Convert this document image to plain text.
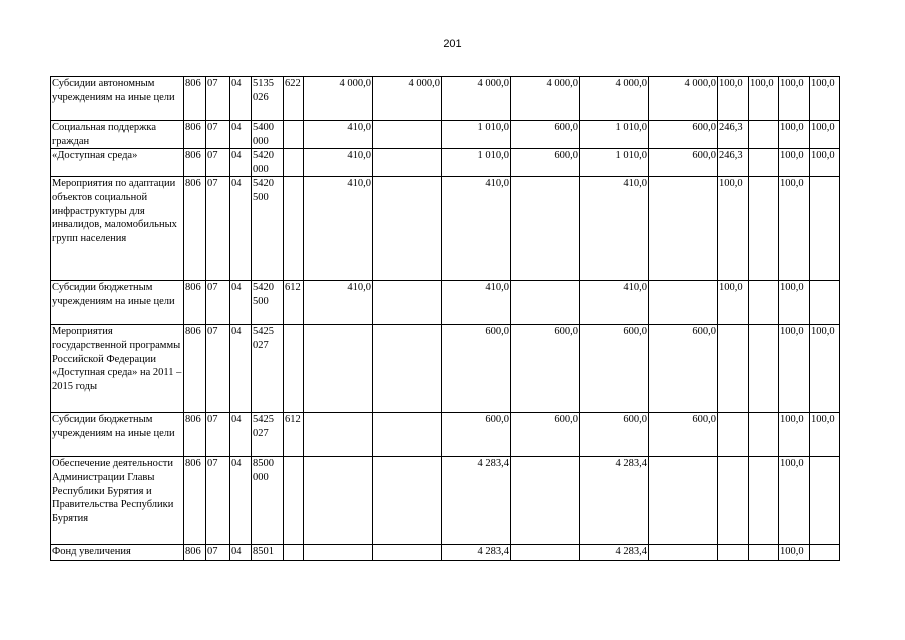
201
Субсидии автономным учреждениям на иные цели	806	07	04	5135 026	622	4 000,0	4 000,0	4 000,0	4 000,0	4 000,0	4 000,0	100,0	100,0	100,0	100,0
Социальная поддержка граждан	806	07	04	5400 000		410,0		1 010,0	600,0	1 010,0	600,0	246,3		100,0	100,0
«Доступная среда»	806	07	04	5420 000		410,0		1 010,0	600,0	1 010,0	600,0	246,3		100,0	100,0
Мероприятия по адаптации объектов социальной инфраструктуры для инвалидов, маломобильных групп населения	806	07	04	5420 500		410,0		410,0		410,0		100,0		100,0	
Субсидии бюджетным учреждениям на иные цели	806	07	04	5420 500	612	410,0		410,0		410,0		100,0		100,0	
Мероприятия государственной программы Российской Федерации «Доступная среда» на 2011 – 2015 годы	806	07	04	5425 027				600,0	600,0	600,0	600,0			100,0	100,0
Субсидии бюджетным учреждениям на иные цели	806	07	04	5425 027	612			600,0	600,0	600,0	600,0			100,0	100,0
Обеспечение деятельности Администрации Главы Республики Бурятия и Правительства Республики Бурятия	806	07	04	8500 000				4 283,4		4 283,4				100,0	
Фонд увеличения	806	07	04	8501				4 283,4		4 283,4				100,0	
